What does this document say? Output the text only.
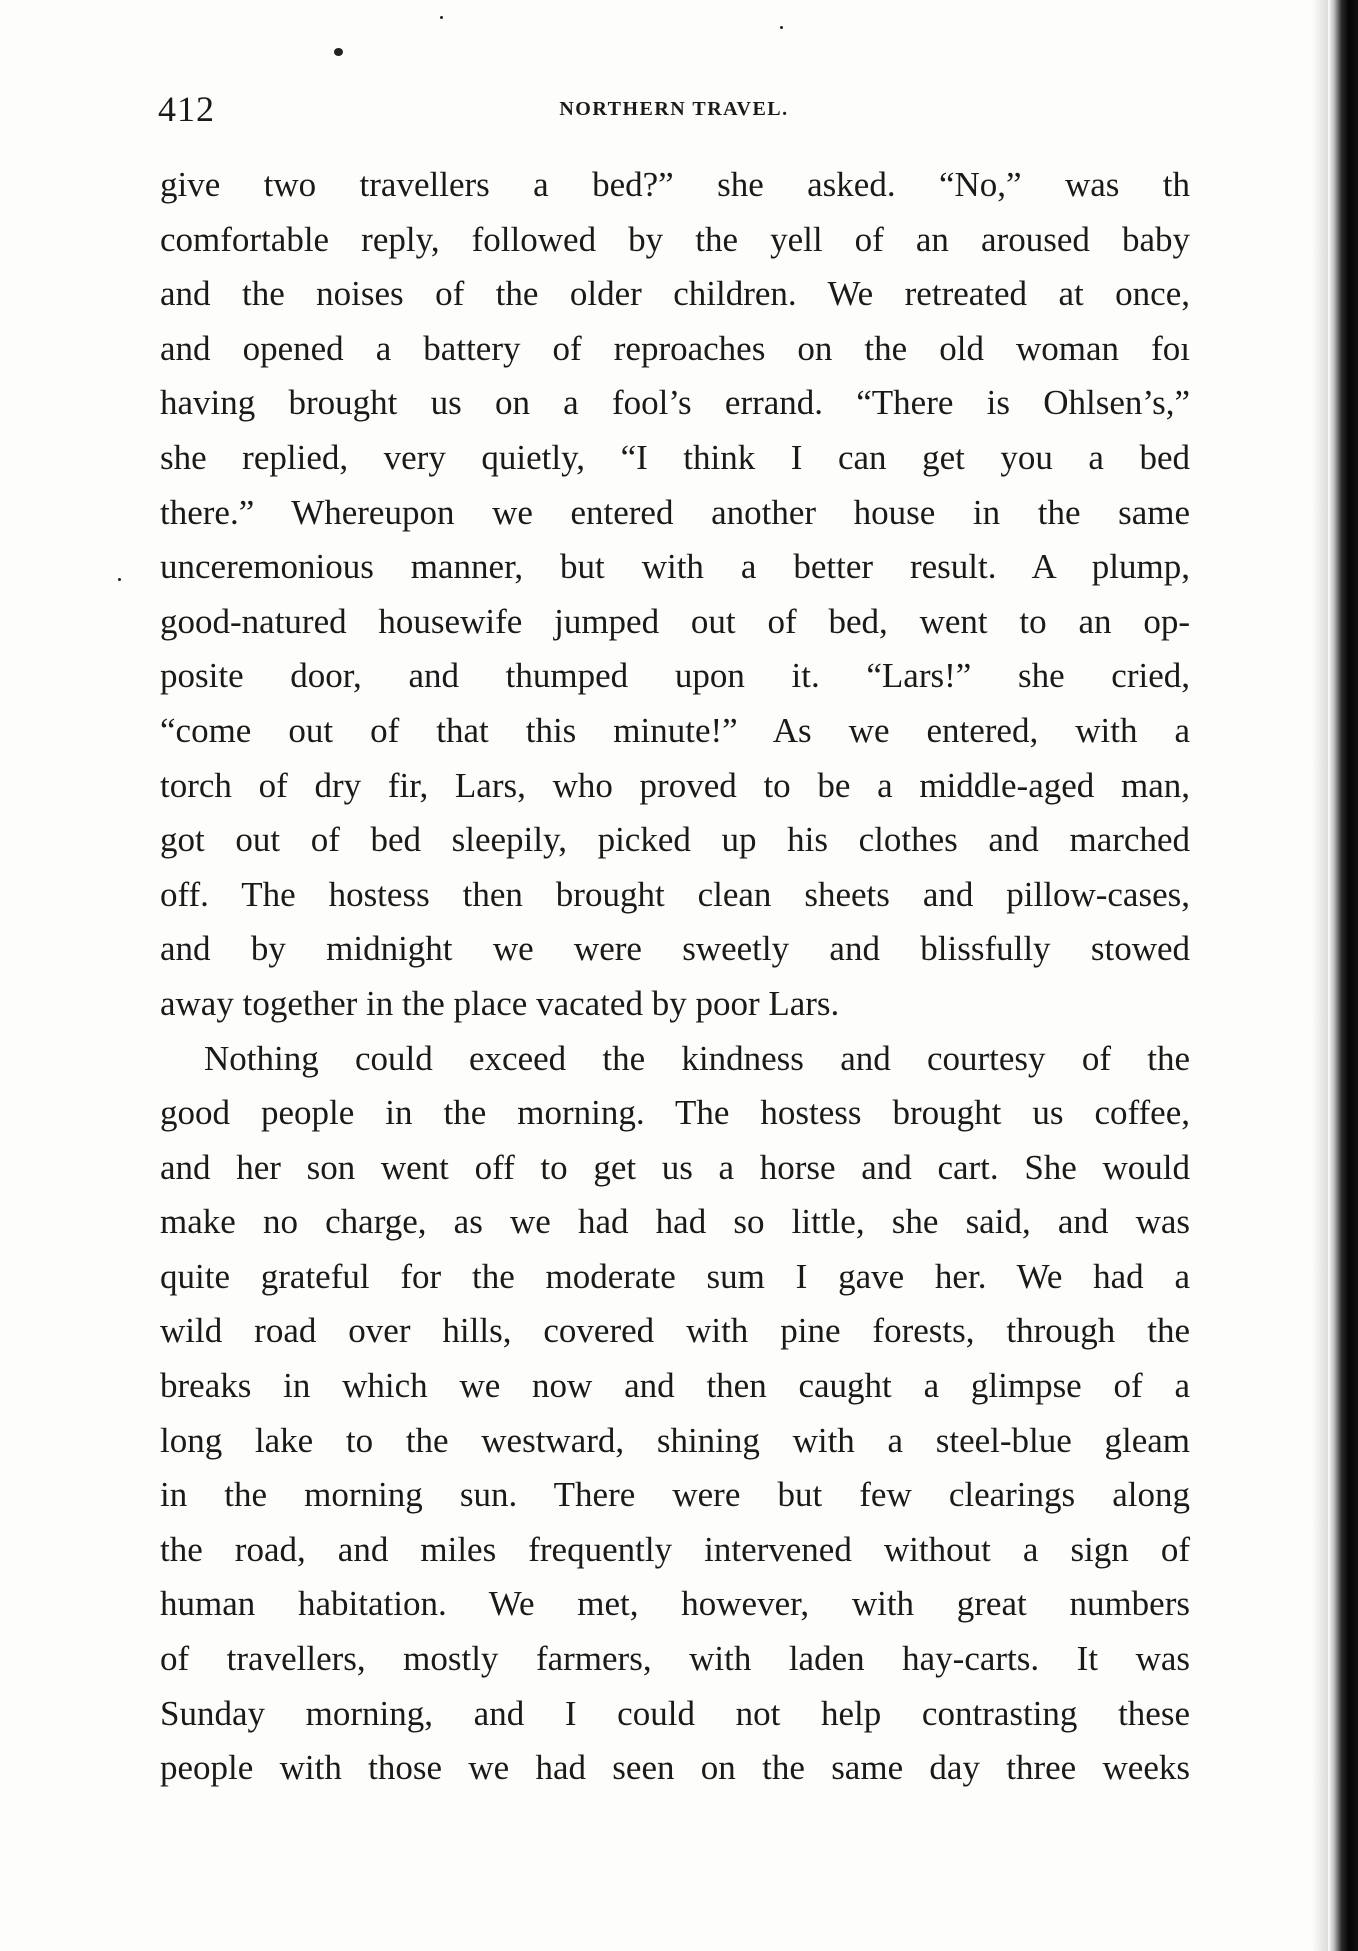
412	NORTHERN TRAVEL.
give two travellers a bed?” she asked. “No,” was th
comfortable reply, followed by the yell of an aroused baby
and the noises of the older children. We retreated at once,
and opened a battery of reproaches on the old woman foı
having brought us on a fool’s errand. “There is Ohlsen’s,”
she replied, very quietly, “I think I can get you a bed
there.” Whereupon we entered another house in the same
unceremonious manner, but with a better result. A plump,
good-natured housewife jumped out of bed, went to an op-
posite door, and thumped upon it. “Lars!” she cried,
“come out of that this minute!” As we entered, with a
torch of dry fir, Lars, who proved to be a middle-aged man,
got out of bed sleepily, picked up his clothes and marched
off. The hostess then brought clean sheets and pillow-cases,
and by midnight we were sweetly and blissfully stowed
away together in the place vacated by poor Lars.
Nothing could exceed the kindness and courtesy of the
good people in the morning. The hostess brought us coffee,
and her son went off to get us a horse and cart. She would
make no charge, as we had had so little, she said, and was
quite grateful for the moderate sum I gave her. We had a
wild road over hills, covered with pine forests, through the
breaks in which we now and then caught a glimpse of a
long lake to the westward, shining with a steel-blue gleam
in the morning sun. There were but few clearings along
the road, and miles frequently intervened without a sign of
human habitation. We met, however, with great numbers
of travellers, mostly farmers, with laden hay-carts. It was
Sunday morning, and I could not help contrasting these
people with those we had seen on the same day three weeks
